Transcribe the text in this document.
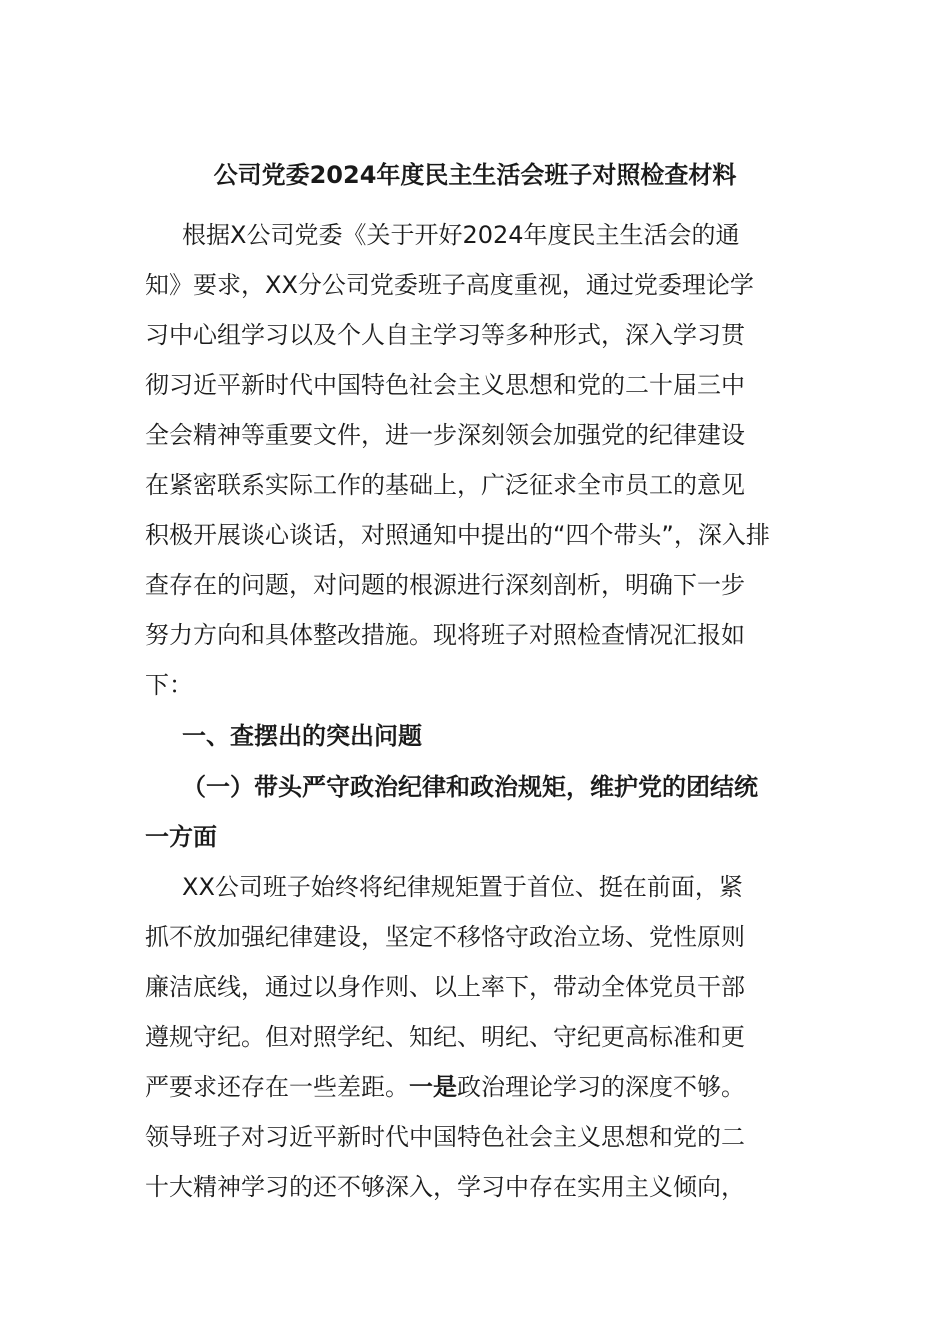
公司党委2024年度民主生活会班子对照检查材料
根据X公司党委《关于开好2024年度民主生活会的通
知》要求，XX分公司党委班子高度重视，通过党委理论学
习中心组学习以及个人自主学习等多种形式，深入学习贯
彻习近平新时代中国特色社会主义思想和党的二十届三中
全会精神等重要文件，进一步深刻领会加强党的纪律建设
在紧密联系实际工作的基础上，广泛征求全市员工的意见
积极开展谈心谈话，对照通知中提出的“四个带头”，深入排
查存在的问题，对问题的根源进行深刻剖析，明确下一步
努力方向和具体整改措施。现将班子对照检查情况汇报如
下：
一、查摆出的突出问题
（一）带头严守政治纪律和政治规矩，维护党的团结统
一方面
XX公司班子始终将纪律规矩置于首位、挺在前面，紧
抓不放加强纪律建设，坚定不移恪守政治立场、党性原则
廉洁底线，通过以身作则、以上率下，带动全体党员干部
遵规守纪。但对照学纪、知纪、明纪、守纪更高标准和更
严要求还存在一些差距。一是政治理论学习的深度不够。
领导班子对习近平新时代中国特色社会主义思想和党的二
十大精神学习的还不够深入，学习中存在实用主义倾向，
